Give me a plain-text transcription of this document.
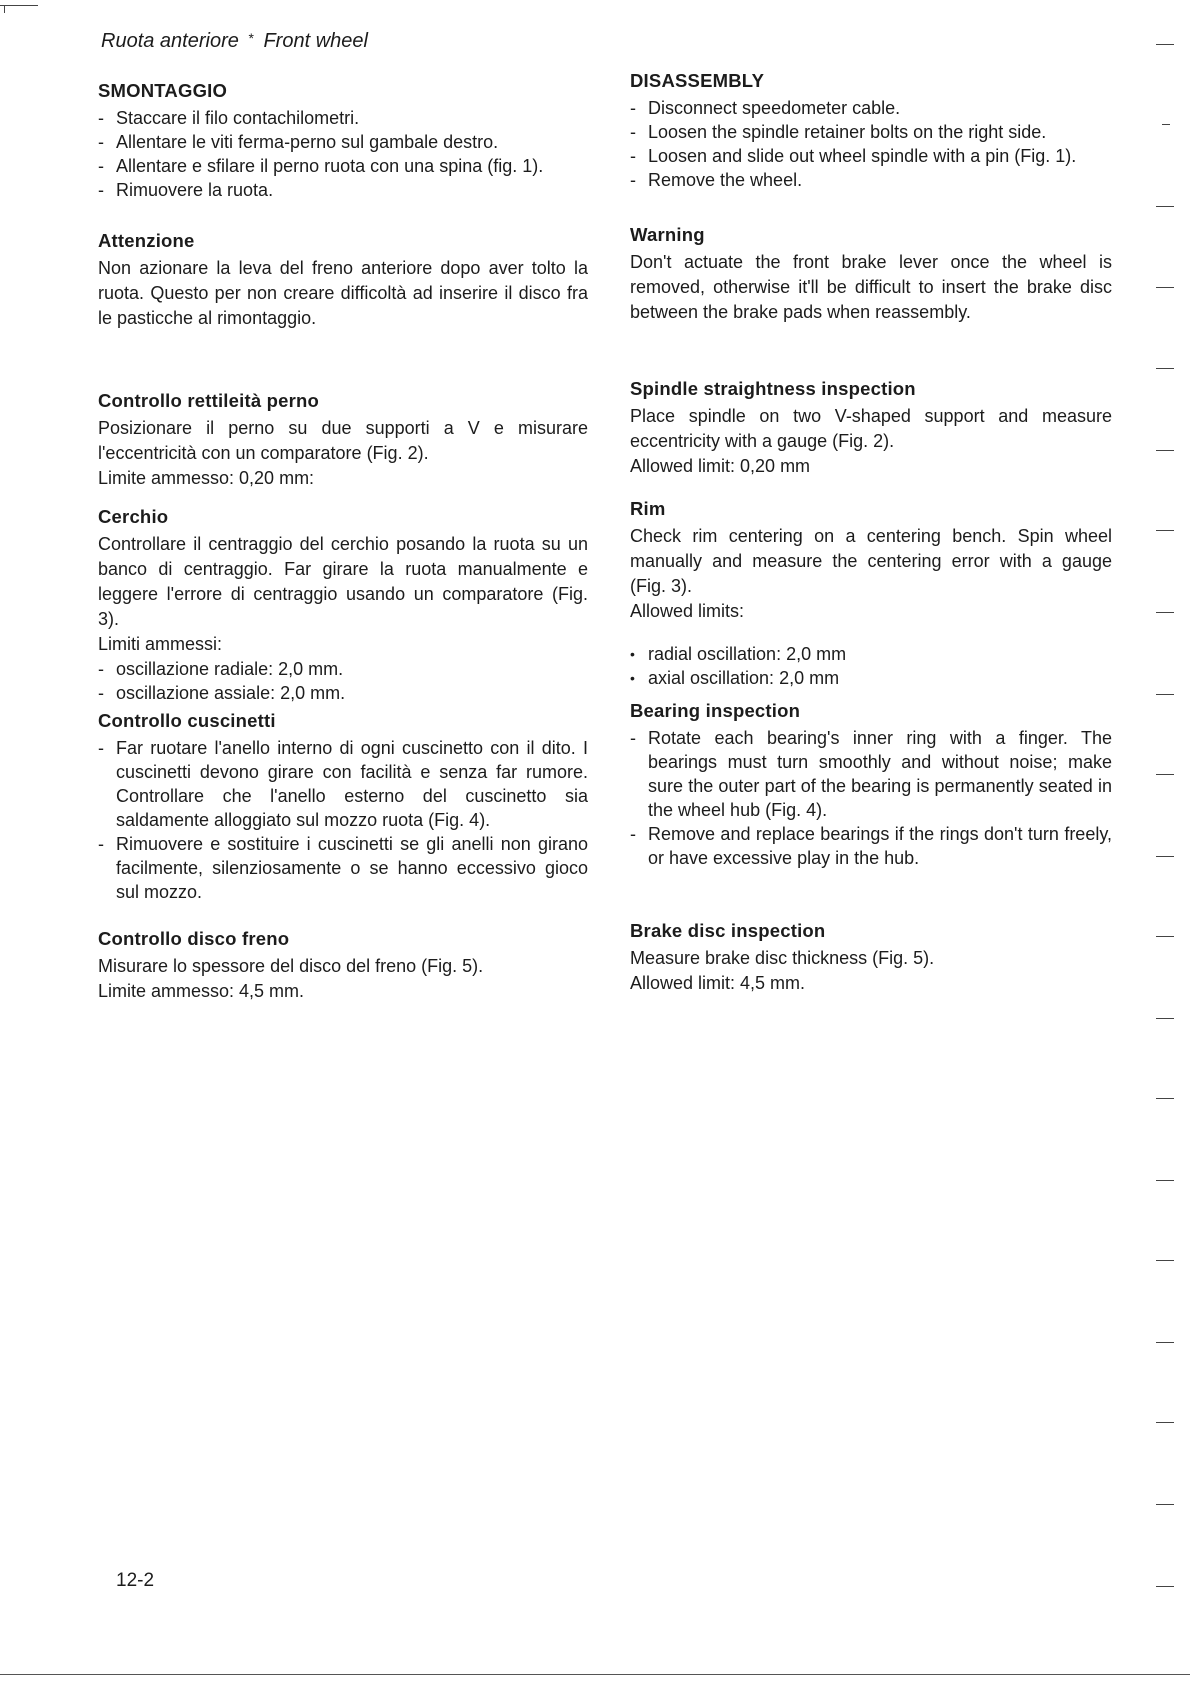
Ruota anteriore * Front wheel
SMONTAGGIO
- Staccare il filo contachilometri.
- Allentare le viti ferma-perno sul gambale destro.
- Allentare e sfilare il perno ruota con una spina (fig. 1).
- Rimuovere la ruota.
Attenzione

Non azionare la leva del freno anteriore dopo aver tolto la ruota. Questo per non creare difficoltà ad inserire il disco fra le pasticche al rimontaggio.

Controllo rettileità perno

Posizionare il perno su due supporti a V e misurare l'eccentricità con un comparatore (Fig. 2).

Limite ammesso: 0,20 mm:

Cerchio

Controllare il centraggio del cerchio posando la ruota su un banco di centraggio. Far girare la ruota manualmente e leggere l'errore di centraggio usando un comparatore (Fig. 3).

Limiti ammessi:

- oscillazione radiale: 2,0 mm.
- oscillazione assiale: 2,0 mm.
Controllo cuscinetti
- Far ruotare l'anello interno di ogni cuscinetto con il dito. I cuscinetti devono girare con facilità e senza far rumore. Controllare che l'anello esterno del cuscinetto sia saldamente alloggiato sul mozzo ruota (Fig. 4).
- Rimuovere e sostituire i cuscinetti se gli anelli non girano facilmente, silenziosamente o se hanno eccessivo gioco sul mozzo.
Controllo disco freno

Misurare lo spessore del disco del freno (Fig. 5).

Limite ammesso: 4,5 mm.

DISASSEMBLY
- Disconnect speedometer cable.
- Loosen the spindle retainer bolts on the right side.
- Loosen and slide out wheel spindle with a pin (Fig. 1).
- Remove the wheel.
Warning

Don't actuate the front brake lever once the wheel is removed, otherwise it'll be difficult to insert the brake disc between the brake pads when reassembly.

Spindle straightness inspection

Place spindle on two V-shaped support and measure eccentricity with a gauge (Fig. 2).

Allowed limit: 0,20 mm

Rim

Check rim centering on a centering bench. Spin wheel manually and measure the centering error with a gauge (Fig. 3).

Allowed limits:

• radial oscillation: 2,0 mm
• axial oscillation: 2,0 mm
Bearing inspection
- Rotate each bearing's inner ring with a finger. The bearings must turn smoothly and without noise; make sure the outer part of the bearing is permanently seated in the wheel hub (Fig. 4).
- Remove and replace bearings if the rings don't turn freely, or have excessive play in the hub.
Brake disc inspection

Measure brake disc thickness (Fig. 5).

Allowed limit: 4,5 mm.

12-2
